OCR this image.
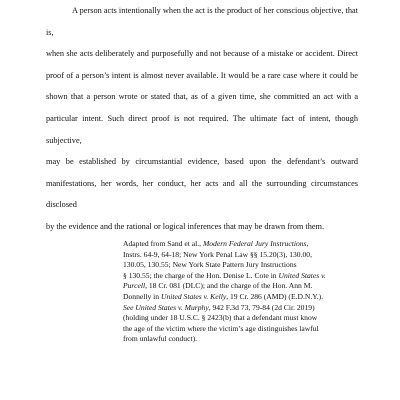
A person acts intentionally when the act is the product of her conscious objective, that is,
when she acts deliberately and purposefully and not because of a mistake or accident. Direct
proof of a person’s intent is almost never available. It would be a rare case where it could be
shown that a person wrote or stated that, as of a given time, she committed an act with a
particular intent. Such direct proof is not required. The ultimate fact of intent, though subjective,
may be established by circumstantial evidence, based upon the defendant’s outward
manifestations, her words, her conduct, her acts and all the surrounding circumstances disclosed
by the evidence and the rational or logical inferences that may be drawn from them.
Adapted from Sand et al., Modern Federal Jury Instructions,
Instrs. 64-9, 64-18; New York Penal Law §§ 15.20(3), 130.00,
130.05, 130.55; New York State Pattern Jury Instructions
§ 130.55; the charge of the Hon. Denise L. Cote in United States v.
Purcell, 18 Cr. 081 (DLC); and the charge of the Hon. Ann M.
Donnelly in United States v. Kelly, 19 Cr. 286 (AMD) (E.D.N.Y.).
See United States v. Murphy, 942 F.3d 73, 79-84 (2d Cir. 2019)
(holding under 18 U.S.C. § 2423(b) that a defendant must know
the age of the victim where the victim’s age distinguishes lawful
from unlawful conduct).
